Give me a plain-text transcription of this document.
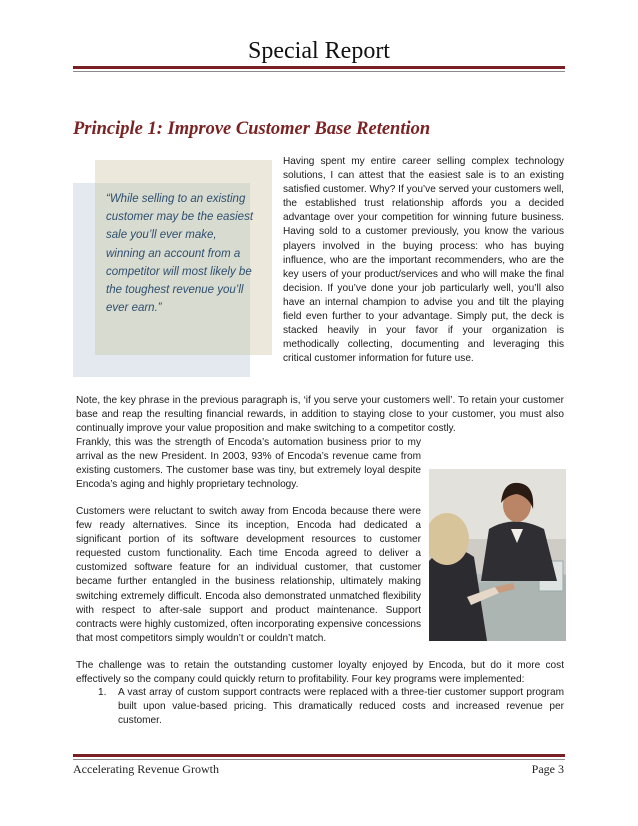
Special Report
Principle 1: Improve Customer Base Retention
“While selling to an existing customer may be the easiest sale you’ll ever make, winning an account from a competitor will most likely be the toughest revenue you’ll ever earn.”
Having spent my entire career selling complex technology solutions, I can attest that the easiest sale is to an existing satisfied customer. Why? If you’ve served your customers well, the established trust relationship affords you a decided advantage over your competition for winning future business. Having sold to a customer previously, you know the various players involved in the buying process: who has buying influence, who are the important recommenders, who are the key users of your product/services and who will make the final decision. If you’ve done your job particularly well, you’ll also have an internal champion to advise you and tilt the playing field even further to your advantage. Simply put, the deck is stacked heavily in your favor if your organization is methodically collecting, documenting and leveraging this critical customer information for future use.
Note, the key phrase in the previous paragraph is, ‘if you serve your customers well’. To retain your customer base and reap the resulting financial rewards, in addition to staying close to your customer, you must also continually improve your value proposition and make switching to a competitor costly.
Frankly, this was the strength of Encoda’s automation business prior to my arrival as the new President. In 2003, 93% of Encoda’s revenue came from existing customers. The customer base was tiny, but extremely loyal despite Encoda’s aging and highly proprietary technology.
Customers were reluctant to switch away from Encoda because there were few ready alternatives. Since its inception, Encoda had dedicated a significant portion of its software development resources to customer requested custom functionality. Each time Encoda agreed to deliver a customized software feature for an individual customer, that customer became further entangled in the business relationship, ultimately making switching extremely difficult. Encoda also demonstrated unmatched flexibility with respect to after-sale support and product maintenance. Support contracts were highly customized, often incorporating expensive concessions that most competitors simply wouldn’t or couldn’t match.
The challenge was to retain the outstanding customer loyalty enjoyed by Encoda, but do it more cost effectively so the company could quickly return to profitability. Four key programs were implemented:
1. A vast array of custom support contracts were replaced with a three-tier customer support program built upon value-based pricing. This dramatically reduced costs and increased revenue per customer.
Accelerating Revenue Growth	Page 3
